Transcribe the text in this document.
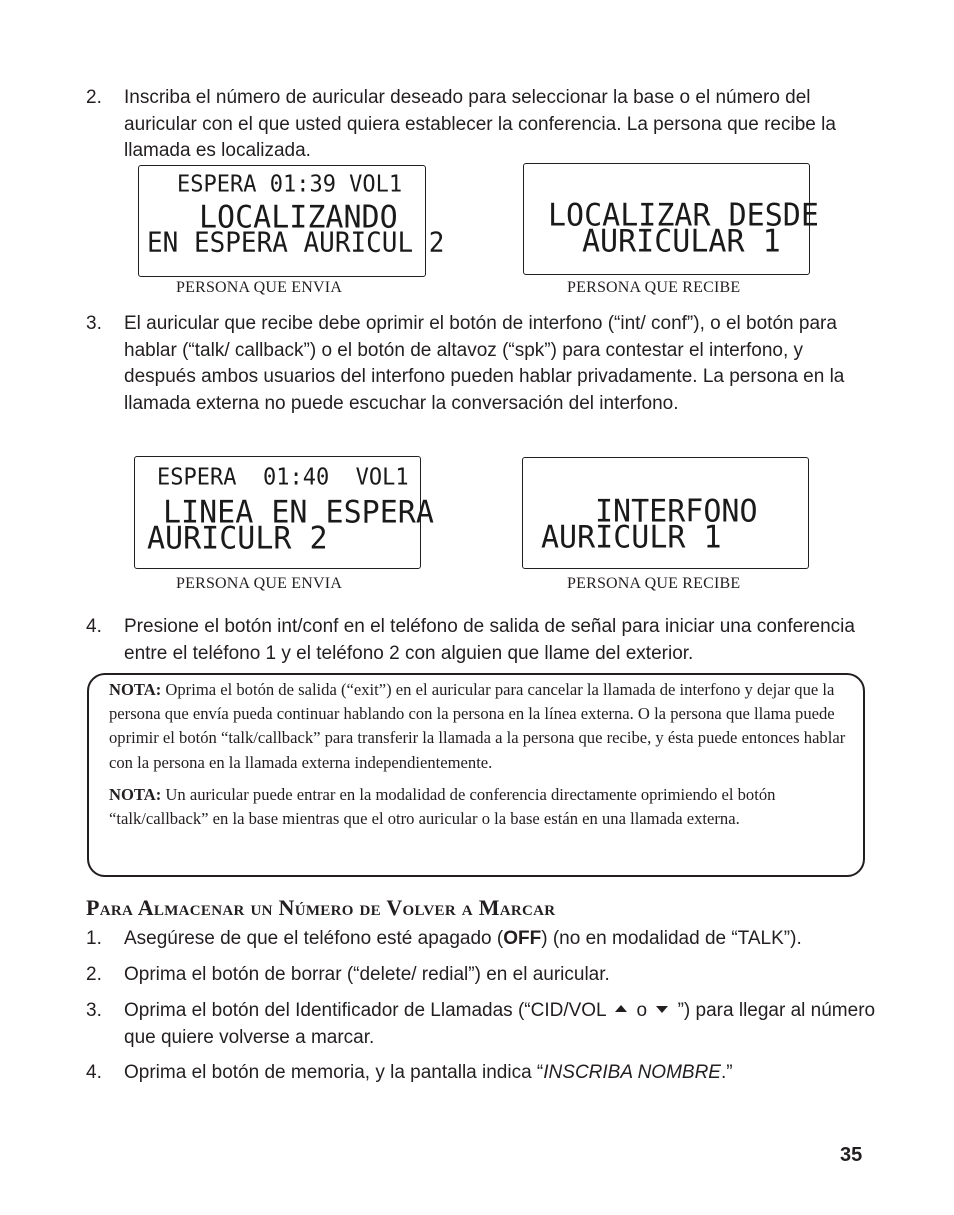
2.	Inscriba el número de auricular deseado para seleccionar la base o el número del auricular con el que usted quiera establecer la conferencia. La persona que recibe la llamada es localizada.

ESPERA 01:39 VOL1

LOCALIZANDO

EN ESPERA AURICUL 2

PERSONA QUE ENVIA

LOCALIZAR DESDE

AURICULAR 1

PERSONA QUE RECIBE
3.	El auricular que recibe debe oprimir el botón de interfono (“int/ conf”), o el botón para hablar (“talk/ callback”) o el botón de altavoz (“spk”) para contestar el interfono, y después ambos usuarios del interfono pueden hablar privadamente. La persona en la llamada externa no puede escuchar la conversación del interfono.

ESPERA  01:40  VOL1

LINEA EN ESPERA

AURICULR 2

PERSONA QUE ENVIA

INTERFONO

AURICULR 1

PERSONA QUE RECIBE
4.	Presione el botón int/conf en el teléfono de salida de señal para iniciar una conferencia entre el teléfono 1 y el teléfono 2 con alguien que llame del exterior.

NOTA: Oprima el botón de salida (“exit”) en el auricular para cancelar la llamada de interfono y dejar que la persona que envía pueda continuar hablando con la persona en la línea externa. O la persona que llama puede oprimir el botón “talk/callback” para transferir la llamada a la persona que recibe, y ésta puede entonces hablar con la persona en la llamada externa independientemente.

NOTA: Un auricular puede entrar en la modalidad de conferencia directamente oprimiendo el botón “talk/callback” en la base mientras que el otro auricular o la base están en una llamada externa.

Para Almacenar un Número de Volver a Marcar
1.	Asegúrese de que el teléfono esté apagado (OFF) (no en modalidad de “TALK”).
2.	Oprima el botón de borrar (“delete/ redial”) en el auricular.
3.	Oprima el botón del Identificador de Llamadas (“CID/VOL  o  ”) para llegar al número que quiere volverse a marcar.
4.	Oprima el botón de memoria, y la pantalla indica “INSCRIBA NOMBRE.”
35
